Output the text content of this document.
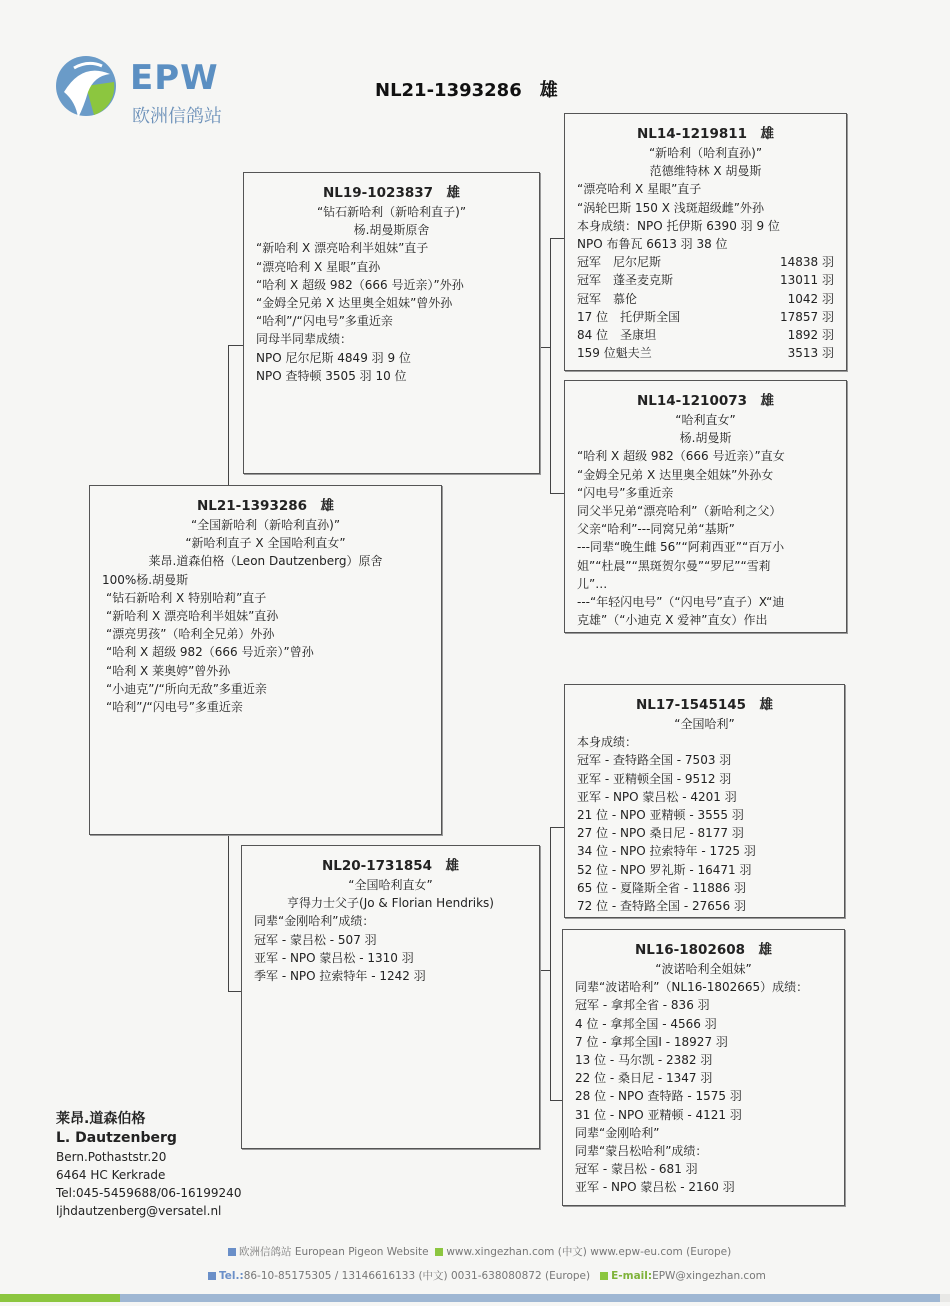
EPW
欧洲信鸽站
NL21-1393286　雄
NL14-1219811　雄
“新哈利（哈利直孙)”
范德维特林 X 胡曼斯
“漂亮哈利 X 星眼”直子
“涡轮巴斯 150 X 浅斑超级雌”外孙
本身成绩：NPO 托伊斯 6390 羽 9 位
NPO 布鲁瓦 6613 羽 38 位
冠军　尼尔尼斯	14838 羽
冠军　蓬圣麦克斯	13011 羽
冠军　慕伦	1042 羽
17 位　托伊斯全国	17857 羽
84 位　圣康坦	1892 羽
159 位魁夫兰	3513 羽
NL14-1210073　雄
“哈利直女”
杨.胡曼斯
“哈利 X 超级 982（666 号近亲）”直女
“金姆全兄弟 X 达里奥全姐妹”外孙女
“闪电号”多重近亲
同父半兄弟“漂亮哈利”（新哈利之父）
父亲“哈利”---同窝兄弟“基斯”
---同辈“晚生雌 56”“阿莉西亚”“百万小
姐”“杜晨”“黑斑贺尔曼”“罗尼”“雪莉
儿”…
---“年轻闪电号”（“闪电号”直子）X“迪
克雄”（“小迪克 X 爱神”直女）作出
NL19-1023837　雄
“钻石新哈利（新哈利直子)”
杨.胡曼斯原舍
“新哈利 X 漂亮哈利半姐妹”直子
“漂亮哈利 X 星眼”直孙
“哈利 X 超级 982（666 号近亲）”外孙
“金姆全兄弟 X 达里奥全姐妹”曾外孙
“哈利”/“闪电号”多重近亲
同母半同辈成绩：
NPO 尼尔尼斯 4849 羽 9 位
NPO 查特顿 3505 羽 10 位
NL21-1393286　雄
“全国新哈利（新哈利直孙)”
“新哈利直子 X 全国哈利直女”
莱昂.道森伯格（Leon Dautzenberg）原舍
100%杨.胡曼斯
“钻石新哈利 X 特别哈莉”直子
“新哈利 X 漂亮哈利半姐妹”直孙
“漂亮男孩”（哈利全兄弟）外孙
“哈利 X 超级 982（666 号近亲）”曾孙
“哈利 X 莱奥婷”曾外孙
“小迪克”/“所向无敌”多重近亲
“哈利”/“闪电号”多重近亲
NL20-1731854　雄
“全国哈利直女”
亨得力士父子(Jo & Florian Hendriks)
同辈“金刚哈利”成绩：
冠军 - 蒙吕松 - 507 羽
亚军 - NPO 蒙吕松 - 1310 羽
季军 - NPO 拉索特年 - 1242 羽
NL17-1545145　雄
“全国哈利”
本身成绩：
冠军 - 查特路全国 - 7503 羽
亚军 - 亚精顿全国 - 9512 羽
亚军 - NPO 蒙吕松 - 4201 羽
21 位 - NPO 亚精顿 - 3555 羽
27 位 - NPO 桑日尼 - 8177 羽
34 位 - NPO 拉索特年 - 1725 羽
52 位 - NPO 罗礼斯 - 16471 羽
65 位 - 夏隆斯全省 - 11886 羽
72 位 - 查特路全国 - 27656 羽
NL16-1802608　雄
“波诺哈利全姐妹”
同辈“波诺哈利”（NL16-1802665）成绩：
冠军 - 拿邦全省 - 836 羽
4 位 - 拿邦全国 - 4566 羽
7 位 - 拿邦全国Ⅰ - 18927 羽
13 位 - 马尔凯 - 2382 羽
22 位 - 桑日尼 - 1347 羽
28 位 - NPO 查特路 - 1575 羽
31 位 - NPO 亚精顿 - 4121 羽
同辈“金刚哈利”
同辈“蒙吕松哈利”成绩：
冠军 - 蒙吕松 - 681 羽
亚军 - NPO 蒙吕松 - 2160 羽
莱昂.道森伯格
L. Dautzenberg
Bern.Pothaststr.20
6464 HC Kerkrade
Tel:045-5459688/06-16199240
ljhdautzenberg@versatel.nl
欧洲信鸽站 European Pigeon Website www.xingezhan.com (中文) www.epw-eu.com (Europe)
Tel.:86-10-85175305 / 13146616133 (中文) 0031-638080872 (Europe) E-mail:EPW@xingezhan.com
